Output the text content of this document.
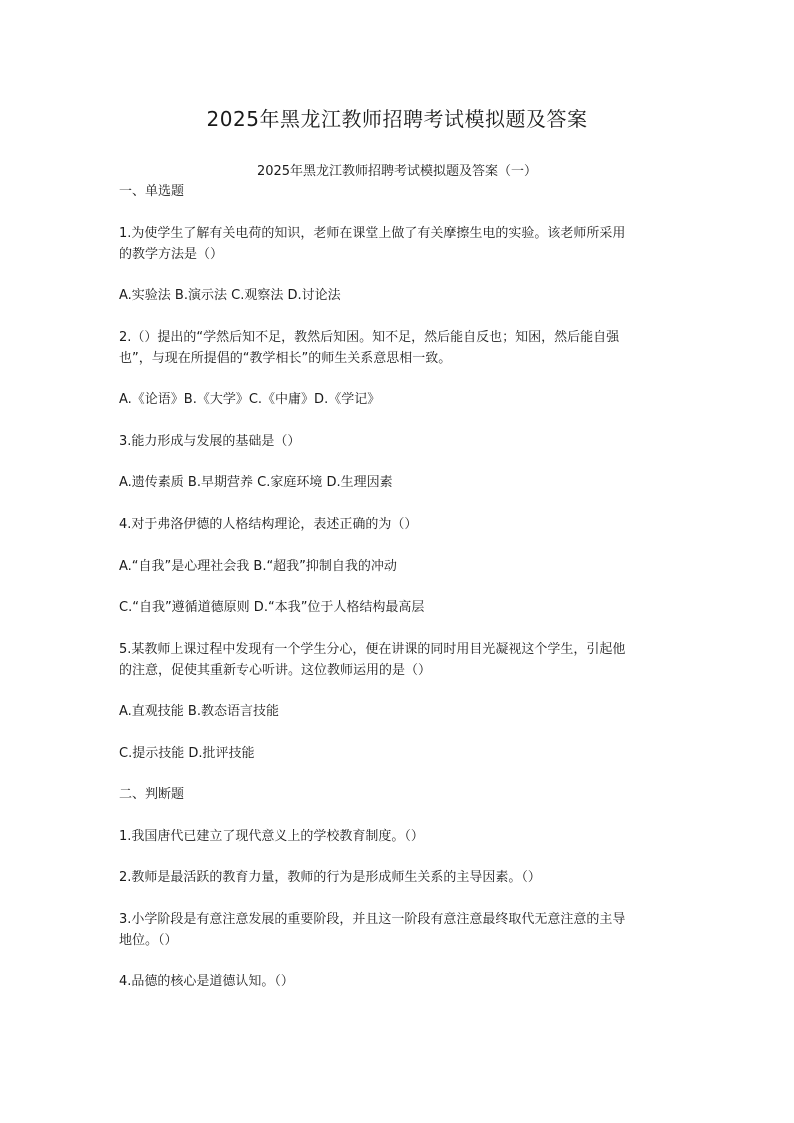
2025年黑龙江教师招聘考试模拟题及答案
2025年黑龙江教师招聘考试模拟题及答案（一）

一、单选题

1.为使学生了解有关电荷的知识，老师在课堂上做了有关摩擦生电的实验。该老师所采用

的教学方法是（）

A.实验法 B.演示法 C.观察法 D.讨论法

2.（）提出的“学然后知不足，教然后知困。知不足，然后能自反也；知困，然后能自强

也”，与现在所提倡的“教学相长”的师生关系意思相一致。

A.《论语》B.《大学》C.《中庸》D.《学记》

3.能力形成与发展的基础是（）

A.遗传素质 B.早期营养 C.家庭环境 D.生理因素

4.对于弗洛伊德的人格结构理论，表述正确的为（）

A.“自我”是心理社会我 B.“超我”抑制自我的冲动

C.“自我”遵循道德原则 D.“本我”位于人格结构最高层

5.某教师上课过程中发现有一个学生分心，便在讲课的同时用目光凝视这个学生，引起他

的注意，促使其重新专心听讲。这位教师运用的是（）

A.直观技能 B.教态语言技能

C.提示技能 D.批评技能

二、判断题

1.我国唐代已建立了现代意义上的学校教育制度。（）

2.教师是最活跃的教育力量，教师的行为是形成师生关系的主导因素。（）

3.小学阶段是有意注意发展的重要阶段，并且这一阶段有意注意最终取代无意注意的主导

地位。（）

4.品德的核心是道德认知。（）
